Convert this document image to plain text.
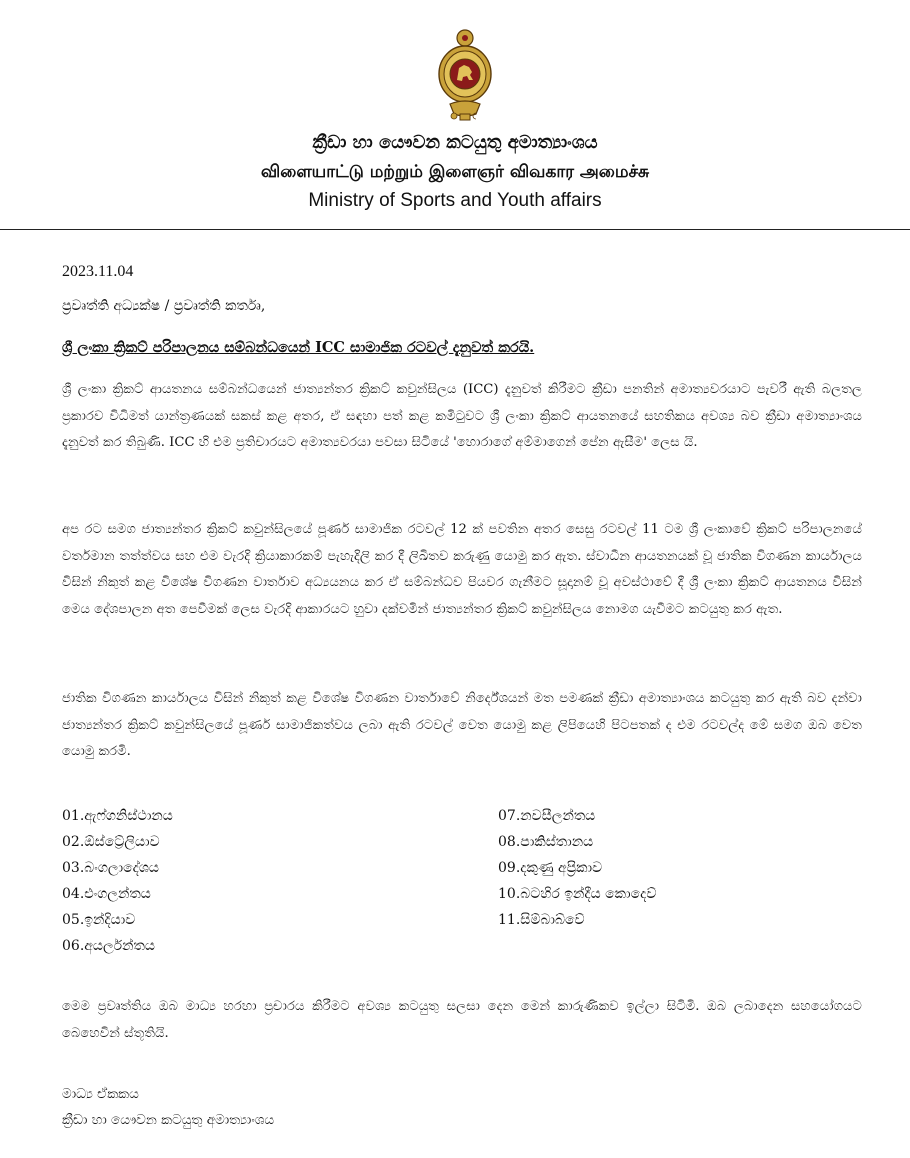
ක්‍රීඩා හා යෞවන කටයුතු අමාත්‍යාංශය
விளையாட்டு மற்றும் இளைஞர் விவகார அமைச்சு
Ministry of Sports and Youth affairs
2023.11.04
ප්‍රවෘත්ති අධ්‍යක්ෂ / ප්‍රවෘත්ති කර්තෘ,
ශ්‍රී ලංකා ක්‍රිකට් පරිපාලනය සම්බන්ධයෙන් ICC සාමාජික රටවල් දැනුවත් කරයි.
ශ්‍රී ලංකා ක්‍රිකට් ආයතනය සම්බන්ධයෙන් ජාත්‍යන්තර ක්‍රිකට් කවුන්සිලය (ICC) දැනුවත් කිරීමට ක්‍රීඩා පනතින් අමාත්‍යවරයාට පැවරී ඇති බලතල ප්‍රකාරව විධිමත් යාන්ත්‍රණයක් සකස් කළ අතර, ඒ සඳහා පත් කළ කමිටුවට ශ්‍රී ලංකා ක්‍රිකට් ආයතනයේ සහතිකය අවශ්‍ය බව ක්‍රීඩා අමාත්‍යාංශය දැනුවත් කර තිබුණි. ICC හි එම ප්‍රතිචාරයට අමාත්‍යවරයා පවසා සිටියේ 'හොරාගේ අම්මාගෙන් පේන ඇසීම' ලෙස යි.
අප රට සමග ජාත්‍යන්තර ක්‍රිකට් කවුන්සිලයේ පූර්ණ සාමාජික රටවල් 12 ක් පවතින අතර සෙසු රටවල් 11 ටම ශ්‍රී ලංකාවේ ක්‍රිකට් පරිපාලනයේ වර්තමාන තත්ත්වය සහ එම වැරදි ක්‍රියාකාරකම් පැහැදිලි කර දී ලිඛිතව කරුණු යොමු කර ඇත. ස්වාධීන ආයතනයක් වූ ජාතික විගණන කාර්යාලය විසින් නිකුත් කළ විශේෂ විගණන වාර්තාව අධ්‍යයනය කර ඒ සම්බන්ධව පියවර ගැනීමට සූදානම් වූ අවස්ථාවේ දී ශ්‍රී ලංකා ක්‍රිකට් ආයතනය විසින් මෙය දේශපාලන අත පෙවීමක් ලෙස වැරදි ආකාරයට හුවා දක්වමින් ජාත්‍යන්තර ක්‍රිකට් කවුන්සිලය නොමග යැවීමට කටයුතු කර ඇත.
ජාතික විගණන කාර්යාලය විසින් නිකුත් කළ විශේෂ විගණන වාර්තාවේ නිර්දේශයන් මත පමණක් ක්‍රීඩා අමාත්‍යාංශය කටයුතු කර ඇති බව දන්වා ජාත්‍යන්තර ක්‍රිකට් කවුන්සිලයේ පූර්ණ සාමාජිකත්වය ලබා ඇති රටවල් වෙත යොමු කළ ලිපියෙහි පිටපතක් ද එම රටවල්ද මේ සමග ඔබ වෙත යොමු කරමි.
01.ඇෆ්ගනිස්ථානය
02.ඕස්ට්‍රේලියාව
03.බංගලාදේශය
04.එංගලන්තය
05.ඉන්දියාව
06.අයර්ලන්තය
07.නවසීලන්තය
08.පාකිස්තානය
09.දකුණු අප්‍රිකාව
10.බටහිර ඉන්දීය කොදෙව්
11.සිම්බාබ්වේ
මෙම ප්‍රවෘත්තිය ඔබ මාධ්‍ය හරහා ප්‍රචාරය කිරීමට අවශ්‍ය කටයුතු සලසා දෙන මෙන් කාරුණිකව ඉල්ලා සිටිමි. ඔබ ලබාදෙන සහයෝගයට බෙහෙවින් ස්තූතියි.
මාධ්‍ය ඒකකය
ක්‍රීඩා හා යෞවන කටයුතු අමාත්‍යාංශය
